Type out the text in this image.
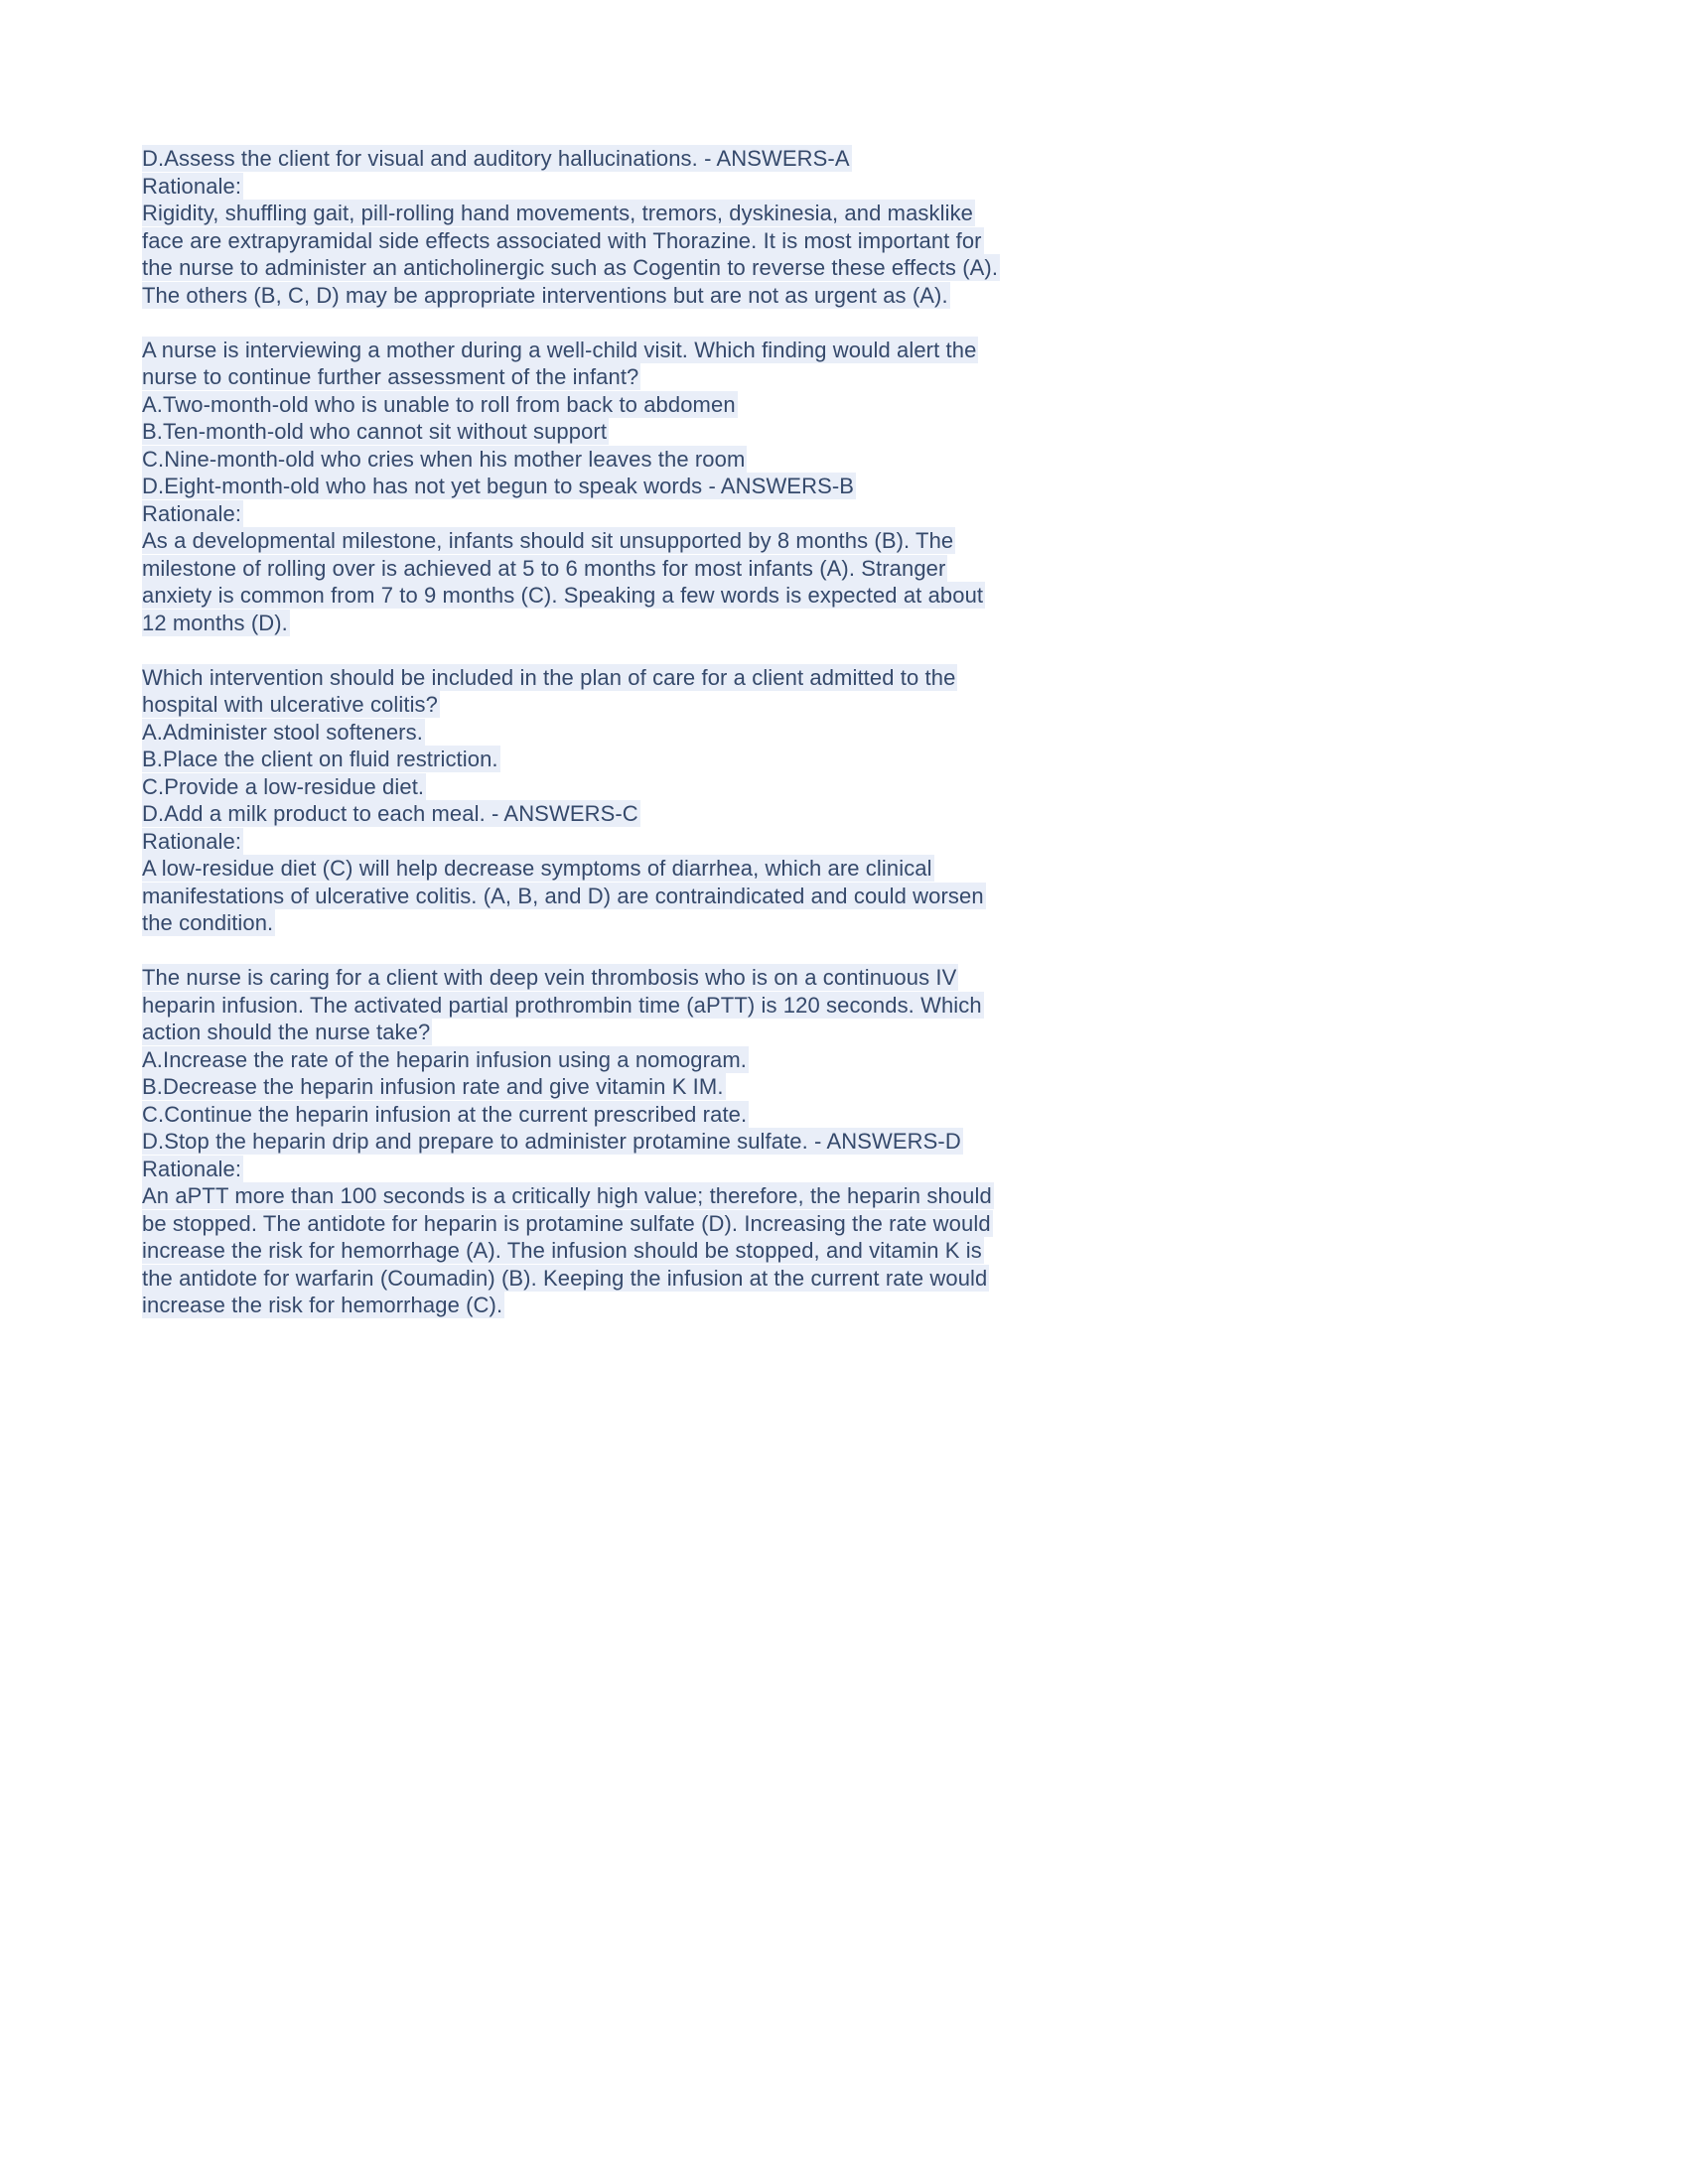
D.Assess the client for visual and auditory hallucinations. - ANSWERS-A
Rationale:
Rigidity, shuffling gait, pill-rolling hand movements, tremors, dyskinesia, and masklike
face are extrapyramidal side effects associated with Thorazine. It is most important for
the nurse to administer an anticholinergic such as Cogentin to reverse these effects (A).
The others (B, C, D) may be appropriate interventions but are not as urgent as (A).

A nurse is interviewing a mother during a well-child visit. Which finding would alert the
nurse to continue further assessment of the infant?
A.Two-month-old who is unable to roll from back to abdomen
B.Ten-month-old who cannot sit without support
C.Nine-month-old who cries when his mother leaves the room
D.Eight-month-old who has not yet begun to speak words - ANSWERS-B
Rationale:
As a developmental milestone, infants should sit unsupported by 8 months (B). The
milestone of rolling over is achieved at 5 to 6 months for most infants (A). Stranger
anxiety is common from 7 to 9 months (C). Speaking a few words is expected at about
12 months (D).

Which intervention should be included in the plan of care for a client admitted to the
hospital with ulcerative colitis?
A.Administer stool softeners.
B.Place the client on fluid restriction.
C.Provide a low-residue diet.
D.Add a milk product to each meal. - ANSWERS-C
Rationale:
A low-residue diet (C) will help decrease symptoms of diarrhea, which are clinical
manifestations of ulcerative colitis. (A, B, and D) are contraindicated and could worsen
the condition.

The nurse is caring for a client with deep vein thrombosis who is on a continuous IV
heparin infusion. The activated partial prothrombin time (aPTT) is 120 seconds. Which
action should the nurse take?
A.Increase the rate of the heparin infusion using a nomogram.
B.Decrease the heparin infusion rate and give vitamin K IM.
C.Continue the heparin infusion at the current prescribed rate.
D.Stop the heparin drip and prepare to administer protamine sulfate. - ANSWERS-D
Rationale:
An aPTT more than 100 seconds is a critically high value; therefore, the heparin should
be stopped. The antidote for heparin is protamine sulfate (D). Increasing the rate would
increase the risk for hemorrhage (A). The infusion should be stopped, and vitamin K is
the antidote for warfarin (Coumadin) (B). Keeping the infusion at the current rate would
increase the risk for hemorrhage (C).
